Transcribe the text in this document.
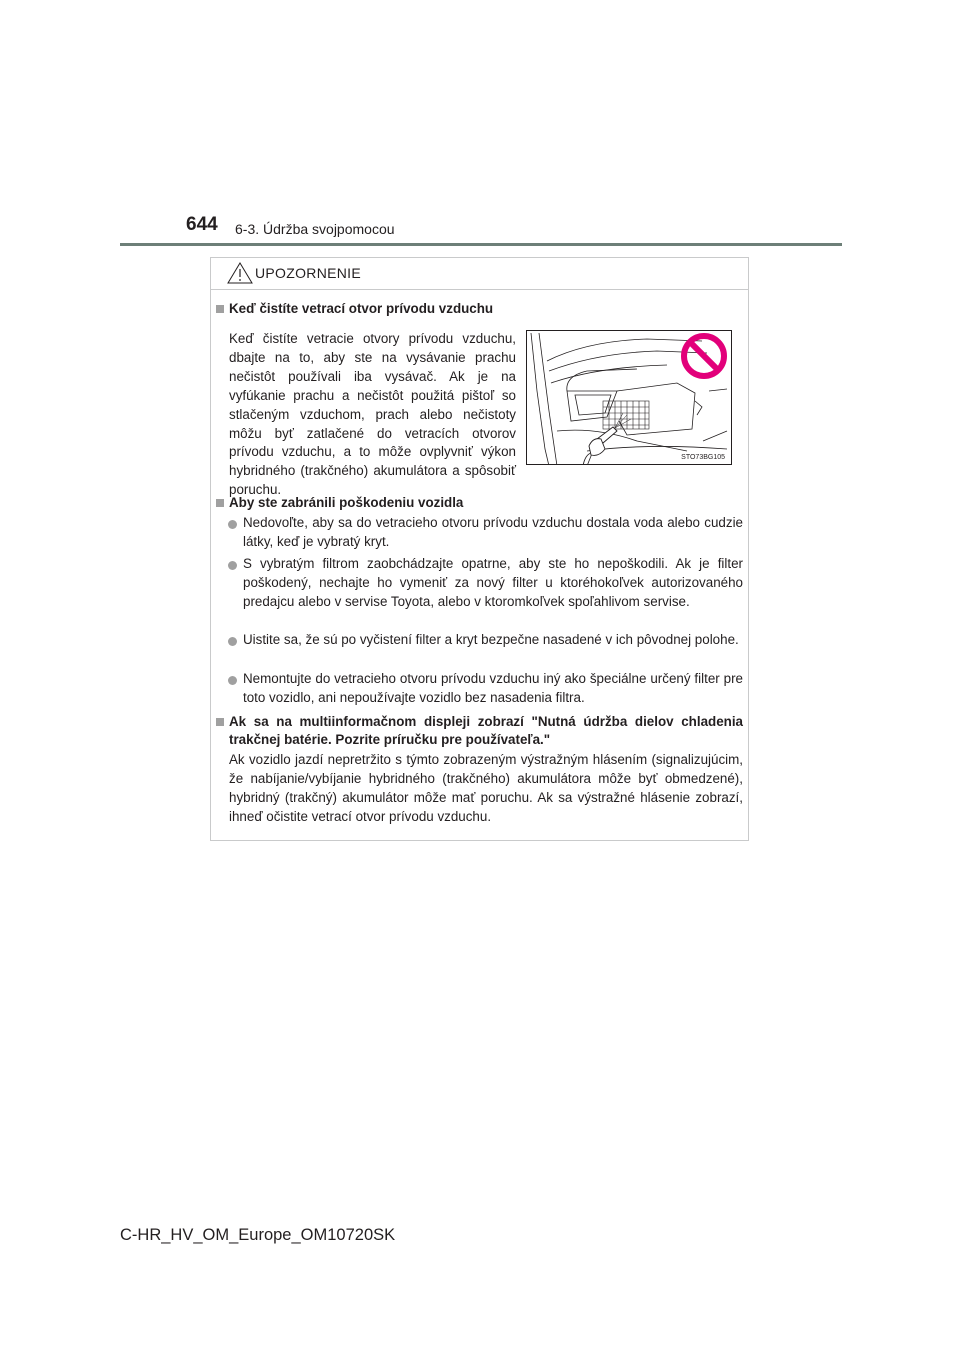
644 6-3. Údržba svojpomocou
UPOZORNENIE
Keď čistíte vetrací otvor prívodu vzduchu
Keď čistíte vetracie otvory prívodu vzduchu, dbajte na to, aby ste na vysávanie prachu nečistôt používali iba vysávač. Ak je na vyfúkanie prachu a nečistôt použitá pištoľ so stlačeným vzduchom, prach alebo nečistoty môžu byť zatlačené do vetracích otvorov prívodu vzduchu, a to môže ovplyvniť výkon hybridného (trakčného) akumulátora a spôsobiť poruchu.
STO73BG105
Aby ste zabránili poškodeniu vozidla
Nedovoľte, aby sa do vetracieho otvoru prívodu vzduchu dostala voda alebo cudzie látky, keď je vybratý kryt.
S vybratým filtrom zaobchádzajte opatrne, aby ste ho nepoškodili. Ak je filter poškodený, nechajte ho vymeniť za nový filter u ktoréhokoľvek autorizovaného predajcu alebo v servise Toyota, alebo v ktoromkoľvek spoľahlivom servise.
Uistite sa, že sú po vyčistení filter a kryt bezpečne nasadené v ich pôvodnej polohe.
Nemontujte do vetracieho otvoru prívodu vzduchu iný ako špeciálne určený filter pre toto vozidlo, ani nepoužívajte vozidlo bez nasadenia filtra.
Ak sa na multiinformačnom displeji zobrazí "Nutná údržba dielov chladenia trakčnej batérie. Pozrite príručku pre používateľa."
Ak vozidlo jazdí nepretržito s týmto zobrazeným výstražným hlásením (signalizujúcim, že nabíjanie/vybíjanie hybridného (trakčného) akumulátora môže byť obmedzené), hybridný (trakčný) akumulátor môže mať poruchu. Ak sa výstražné hlásenie zobrazí, ihneď očistite vetrací otvor prívodu vzduchu.
C-HR_HV_OM_Europe_OM10720SK
